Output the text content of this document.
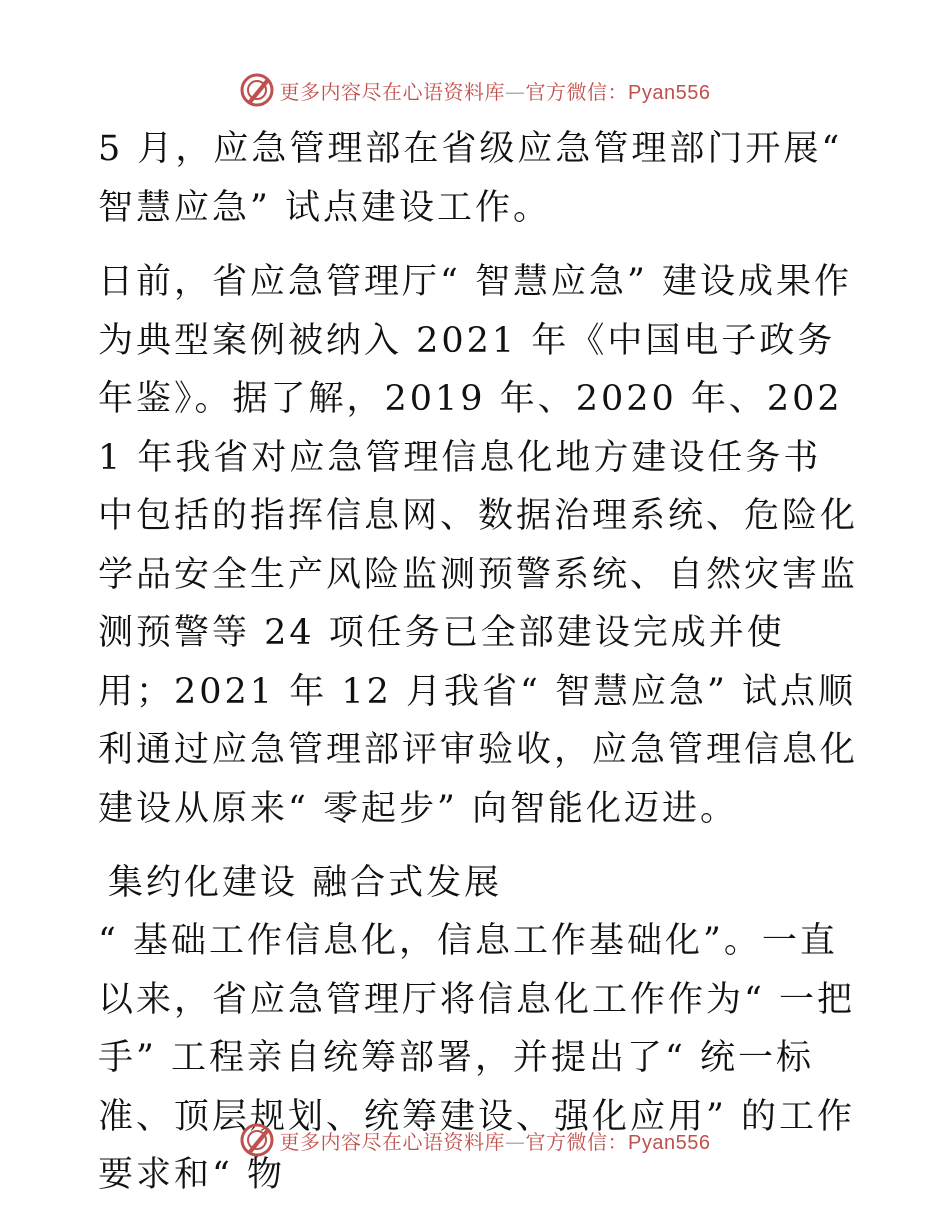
更多内容尽在心语资料库—官方微信：Pyan556

5 月，应急管理部在省级应急管理部门开展“ 智慧应急” 试点建设工作。

日前，省应急管理厅“ 智慧应急” 建设成果作为典型案例被纳入 2021 年《中国电子政务年鉴》。据了解，2019 年、2020 年、2021 年我省对应急管理信息化地方建设任务书中包括的指挥信息网、数据治理系统、危险化学品安全生产风险监测预警系统、自然灾害监测预警等 24 项任务已全部建设完成并使用；2021 年 12 月我省“ 智慧应急” 试点顺利通过应急管理部评审验收，应急管理信息化建设从原来“ 零起步” 向智能化迈进。

集约化建设 融合式发展

“ 基础工作信息化，信息工作基础化”。一直以来，省应急管理厅将信息化工作作为“ 一把手” 工程亲自统筹部署，并提出了“ 统一标准、顶层规划、统筹建设、强化应用” 的工作要求和“ 物

更多内容尽在心语资料库—官方微信：Pyan556
